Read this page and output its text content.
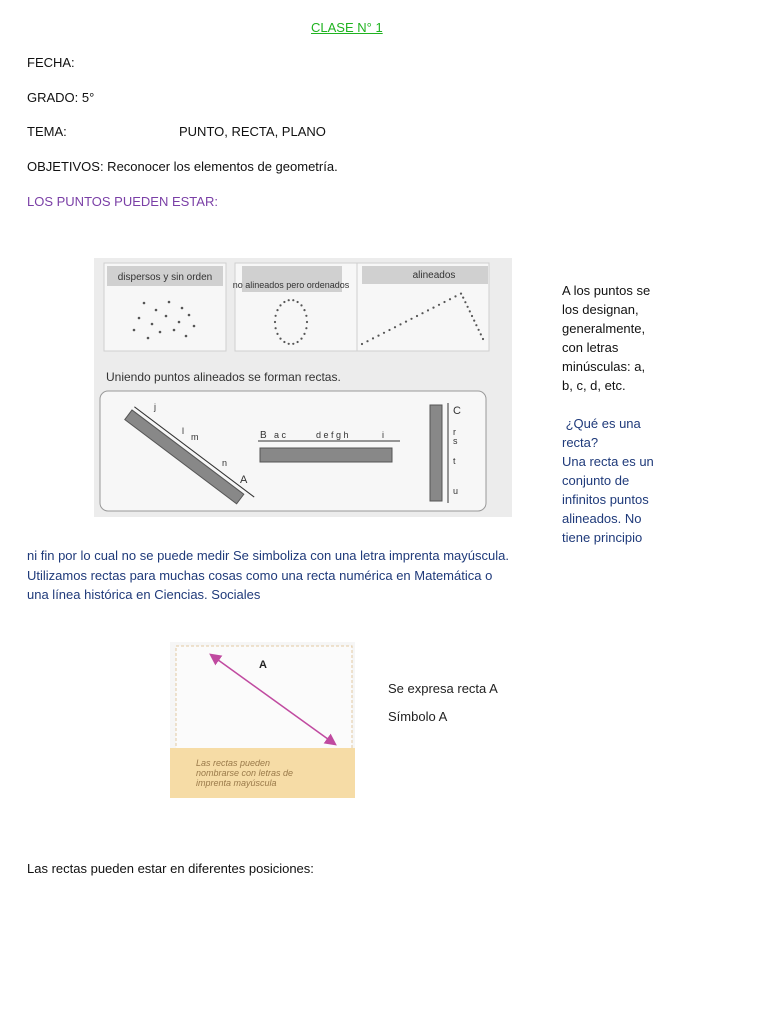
CLASE N° 1
FECHA:
GRADO: 5°
TEMA:	PUNTO, RECTA, PLANO
OBJETIVOS: Reconocer los elementos de geometría.
LOS PUNTOS PUEDEN ESTAR:
dispersos y sin orden
no alineados pero ordenados
alineados
Uniendo puntos alineados se forman rectas.
j
l
m
n
A
B a c	d e f g h	i
C
r
s
t
u
A los puntos se
los designan,
generalmente,
con letras
minúsculas: a,
b, c, d, etc.
¿Qué es una
recta?
Una recta es un
conjunto de
infinitos puntos
alineados. No
tiene principio
ni fin por lo cual no se puede medir Se simboliza con una letra imprenta mayúscula.
Utilizamos rectas para muchas cosas como una recta numérica en Matemática o
una línea histórica en Ciencias. Sociales
A
Las rectas pueden
nombrarse con letras de
imprenta mayúscula
Se expresa recta A
Símbolo A
Las rectas pueden estar en diferentes posiciones:
